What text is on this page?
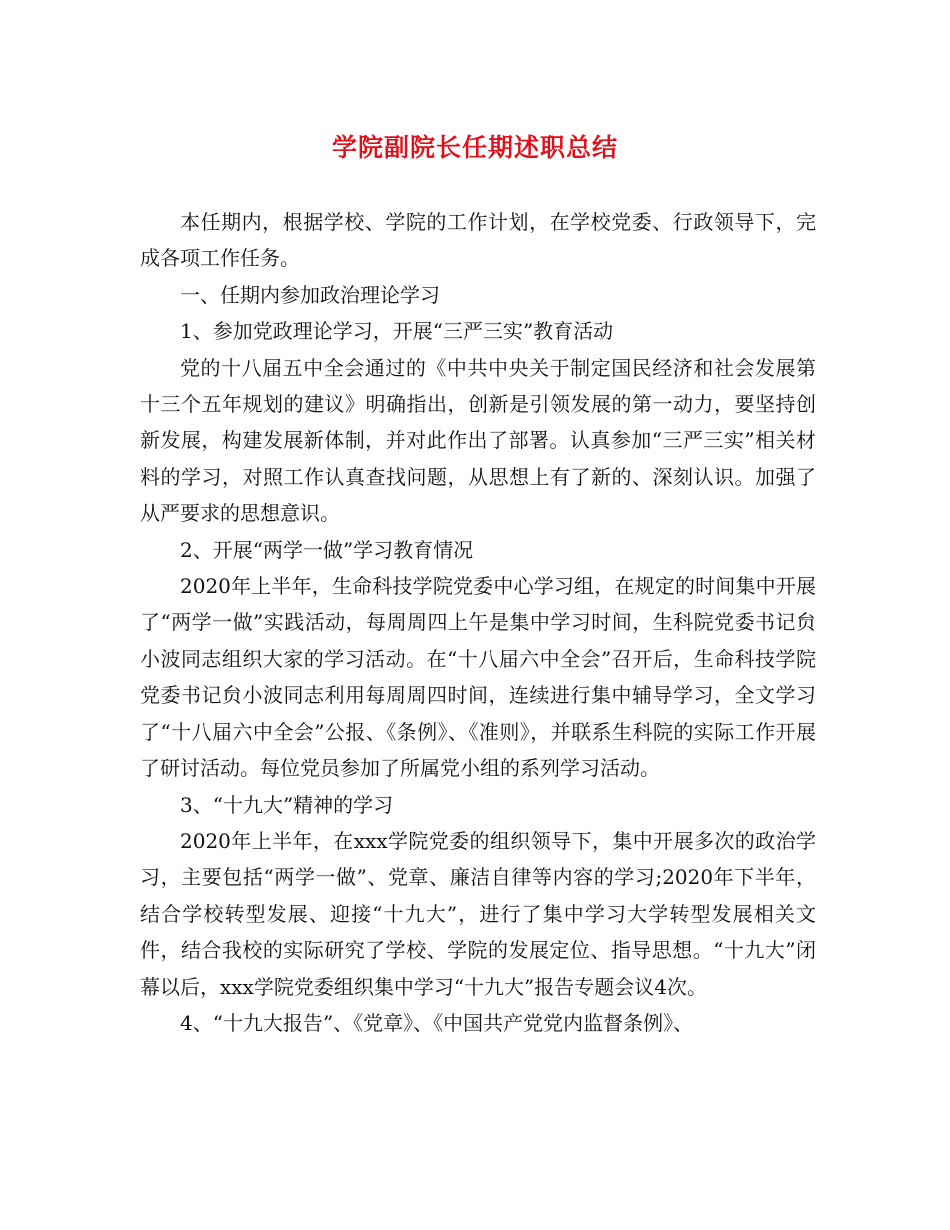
学院副院长任期述职总结

本任期内，根据学校、学院的工作计划，在学校党委、行政领导下，完成各项工作任务。

一、任期内参加政治理论学习

1、参加党政理论学习，开展“三严三实”教育活动

党的十八届五中全会通过的《中共中央关于制定国民经济和社会发展第十三个五年规划的建议》明确指出，创新是引领发展的第一动力，要坚持创新发展，构建发展新体制，并对此作出了部署。认真参加“三严三实”相关材料的学习，对照工作认真查找问题，从思想上有了新的、深刻认识。加强了从严要求的思想意识。

2、开展“两学一做”学习教育情况

2020年上半年，生命科技学院党委中心学习组，在规定的时间集中开展了“两学一做”实践活动，每周周四上午是集中学习时间，生科院党委书记贠小波同志组织大家的学习活动。在“十八届六中全会”召开后，生命科技学院党委书记贠小波同志利用每周周四时间，连续进行集中辅导学习，全文学习了“十八届六中全会”公报、《条例》、《准则》，并联系生科院的实际工作开展了研讨活动。每位党员参加了所属党小组的系列学习活动。

3、“十九大”精神的学习

2020年上半年，在xxx学院党委的组织领导下，集中开展多次的政治学习，主要包括“两学一做”、党章、廉洁自律等内容的学习;2020年下半年，结合学校转型发展、迎接“十九大”，进行了集中学习大学转型发展相关文件，结合我校的实际研究了学校、学院的发展定位、指导思想。“十九大”闭幕以后，xxx学院党委组织集中学习“十九大”报告专题会议4次。

4、“十九大报告”、《党章》、《中国共产党党内监督条例》、
